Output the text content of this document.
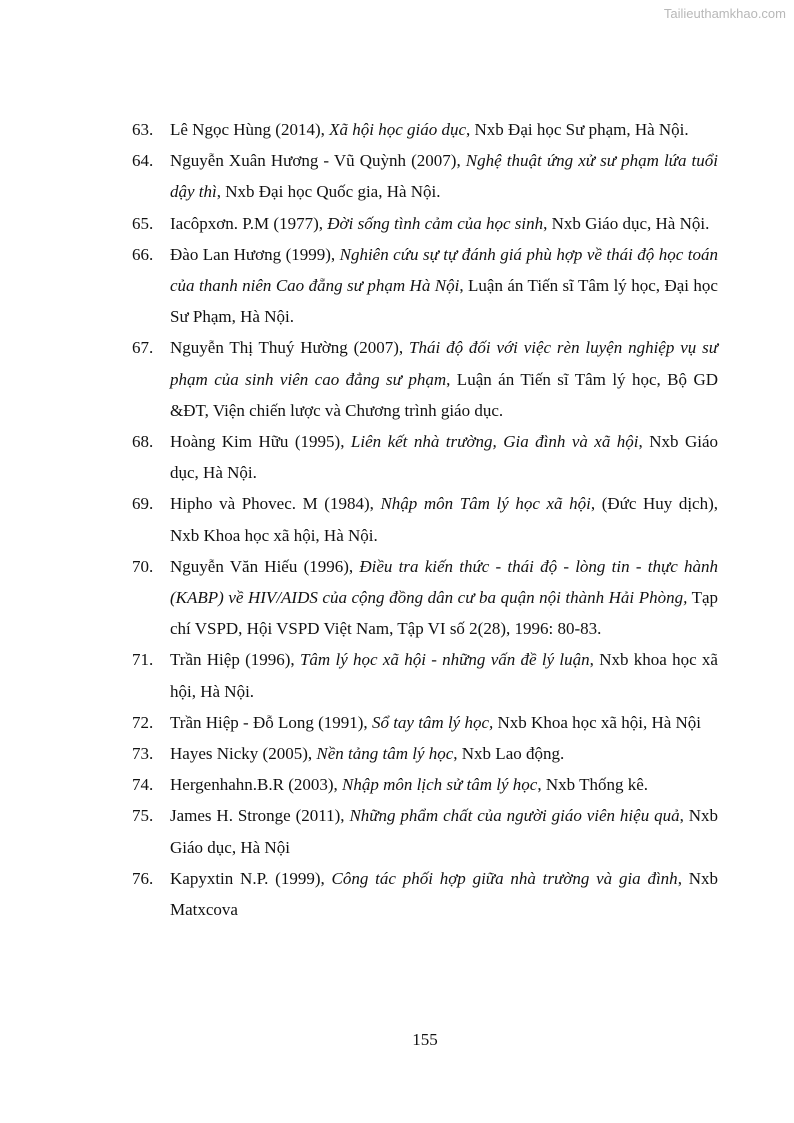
Tailieuthamkhao.com
63. Lê Ngọc Hùng (2014), Xã hội học giáo dục, Nxb Đại học Sư phạm, Hà Nội.
64. Nguyễn Xuân Hương - Vũ Quỳnh (2007), Nghệ thuật ứng xử sư phạm lứa tuổi dậy thì, Nxb Đại học Quốc gia, Hà Nội.
65. Iacôpxơn. P.M (1977), Đời sống tình cảm của học sinh, Nxb Giáo dục, Hà Nội.
66. Đào Lan Hương (1999), Nghiên cứu sự tự đánh giá phù hợp về thái độ học toán của thanh niên Cao đẵng sư phạm Hà Nội, Luận án Tiến sĩ Tâm lý học, Đại học Sư Phạm, Hà Nội.
67. Nguyễn Thị Thuý Hường (2007), Thái độ đối với việc rèn luyện nghiệp vụ sư phạm của sinh viên cao đẳng sư phạm, Luận án Tiến sĩ Tâm lý học, Bộ GD &ĐT, Viện chiến lược và Chương trình giáo dục.
68. Hoàng Kim Hữu (1995), Liên kết nhà trường, Gia đình và xã hội, Nxb Giáo dục, Hà Nội.
69. Hipho và Phovec. M (1984), Nhập môn Tâm lý học xã hội, (Đức Huy dịch), Nxb Khoa học xã hội, Hà Nội.
70. Nguyễn Văn Hiếu (1996), Điều tra kiến thức - thái độ - lòng tin - thực hành (KABP) về HIV/AIDS của cộng đồng dân cư ba quận nội thành Hải Phòng, Tạp chí VSPD, Hội VSPD Việt Nam, Tập VI số 2(28), 1996: 80-83.
71. Trần Hiệp (1996), Tâm lý học xã hội - những vấn đề lý luận, Nxb khoa học xã hội, Hà Nội.
72. Trần Hiệp - Đỗ Long (1991), Sổ tay tâm lý học, Nxb Khoa học xã hội, Hà Nội
73. Hayes Nicky (2005), Nền tảng tâm lý học, Nxb Lao động.
74. Hergenhahn.B.R (2003), Nhập môn lịch sử tâm lý học, Nxb Thống kê.
75. James H. Stronge (2011), Những phẩm chất của người giáo viên hiệu quả, Nxb Giáo dục, Hà Nội
76. Kapyxtin N.P. (1999), Công tác phối hợp giữa nhà trường và gia đình, Nxb Matxcova
155
